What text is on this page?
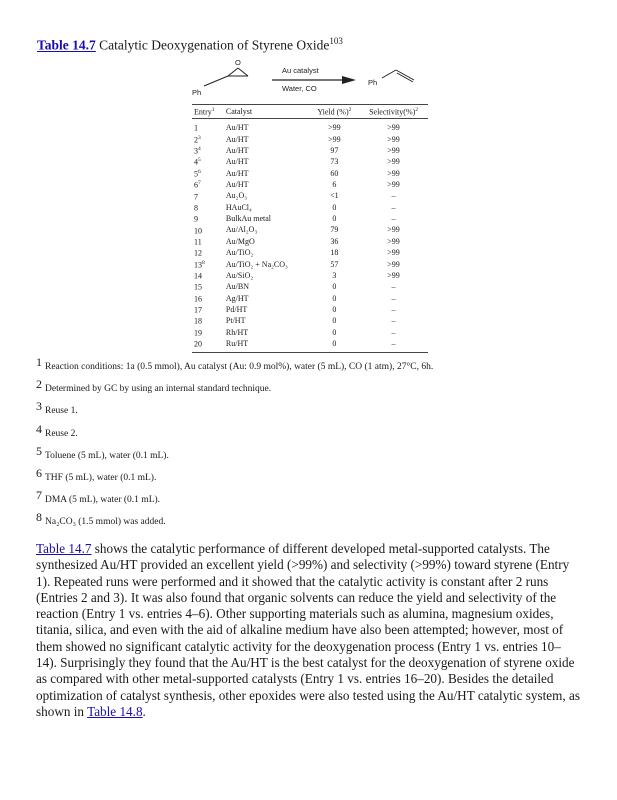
Table 14.7 Catalytic Deoxygenation of Styrene Oxide$^{103}$
Ph
O
Au catalyst
Water, CO
Ph
Entry$^1$	Catalyst	Yield (%)$^2$	Selectivity(%)$^2$
1	Au/HT	>99	>99
$2^3$	Au/HT	>99	>99
$3^4$	Au/HT	97	>99
$4^5$	Au/HT	73	>99
$5^6$	Au/HT	60	>99
$6^7$	Au/HT	6	>99
7	Au₂O₃	<1	–
8	HAuCl₄	0	–
9	BulkAu metal	0	–
10	Au/Al₂O₃	79	>99
11	Au/MgO	36	>99
12	Au/TiO₂	18	>99
$13^8$	Au/TiO₂ + Na₂CO₃	57	>99
14	Au/SiO₂	3	>99
15	Au/BN	0	–
16	Ag/HT	0	–
17	Pd/HT	0	–
18	Pt/HT	0	–
19	Rh/HT	0	–
20	Ru/HT	0	–
1 Reaction conditions: 1a (0.5 mmol), Au catalyst (Au: 0.9 mol%), water (5 mL), CO (1 atm), 27°C, 6h.
2 Determined by GC by using an internal standard technique.
3 Reuse 1.
4 Reuse 2.
5 Toluene (5 mL), water (0.1 mL).
6 THF (5 mL), water (0.1 mL).
7 DMA (5 mL), water (0.1 mL).
8 Na₂CO₃ (1.5 mmol) was added.
Table 14.7 shows the catalytic performance of different developed metal-supported catalysts. The synthesized Au/HT provided an excellent yield (>99%) and selectivity (>99%) toward styrene (Entry 1). Repeated runs were performed and it showed that the catalytic activity is constant after 2 runs (Entries 2 and 3). It was also found that organic solvents can reduce the yield and selectivity of the reaction (Entry 1 vs. entries 4–6). Other supporting materials such as alumina, magnesium oxides, titania, silica, and even with the aid of alkaline medium have also been attempted; however, most of them showed no significant catalytic activity for the deoxygenation process (Entry 1 vs. entries 10–14). Surprisingly they found that the Au/HT is the best catalyst for the deoxygenation of styrene oxide as compared with other metal-supported catalysts (Entry 1 vs. entries 16–20). Besides the detailed optimization of catalyst synthesis, other epoxides were also tested using the Au/HT catalytic system, as shown in Table 14.8.
